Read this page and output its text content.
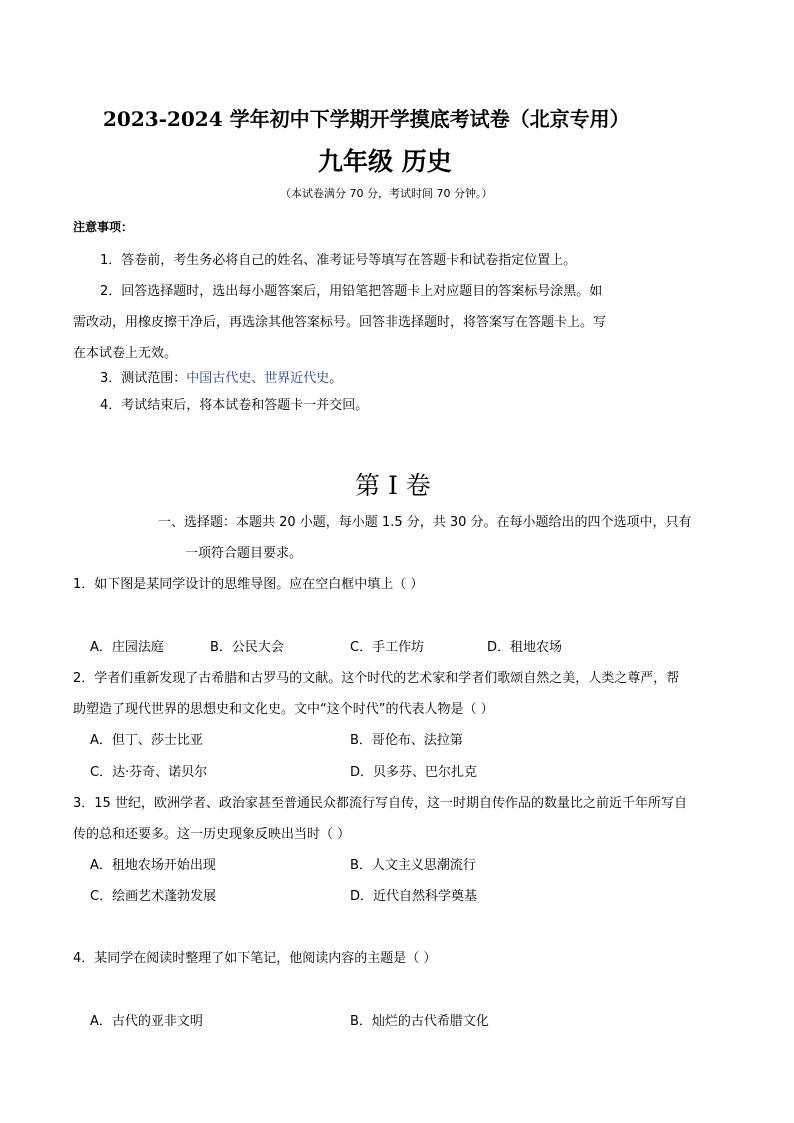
2023-2024 学年初中下学期开学摸底考试卷（北京专用）
九年级 历史
（本试卷满分 70 分，考试时间 70 分钟。）
注意事项：
1．答卷前，考生务必将自己的姓名、准考证号等填写在答题卡和试卷指定位置上。
2．回答选择题时，选出每小题答案后，用铅笔把答题卡上对应题目的答案标号涂黑。如
需改动，用橡皮擦干净后，再选涂其他答案标号。回答非选择题时，将答案写在答题卡上。写
在本试卷上无效。
3．测试范围：中国古代史、世界近代史。
4．考试结束后，将本试卷和答题卡一并交回。
第 I 卷
一、选择题：本题共 20 小题，每小题 1.5 分，共 30 分。在每小题给出的四个选项中，只有
一项符合题目要求。
1．如下图是某同学设计的思维导图。应在空白框中填上（ ）
A．庄园法庭	B．公民大会	C．手工作坊	D．租地农场
2．学者们重新发现了古希腊和古罗马的文献。这个时代的艺术家和学者们歌颂自然之美，人类之尊严，帮
助塑造了现代世界的思想史和文化史。文中“这个时代”的代表人物是（ ）
A．但丁、莎士比亚	B．哥伦布、法拉第
C．达·芬奇、诺贝尔	D．贝多芬、巴尔扎克
3．15 世纪，欧洲学者、政治家甚至普通民众都流行写自传，这一时期自传作品的数量比之前近千年所写自
传的总和还要多。这一历史现象反映出当时（ ）
A．租地农场开始出现	B．人文主义思潮流行
C．绘画艺术蓬勃发展	D．近代自然科学奠基
4．某同学在阅读时整理了如下笔记，他阅读内容的主题是（ ）
A．古代的亚非文明	B．灿烂的古代希腊文化
